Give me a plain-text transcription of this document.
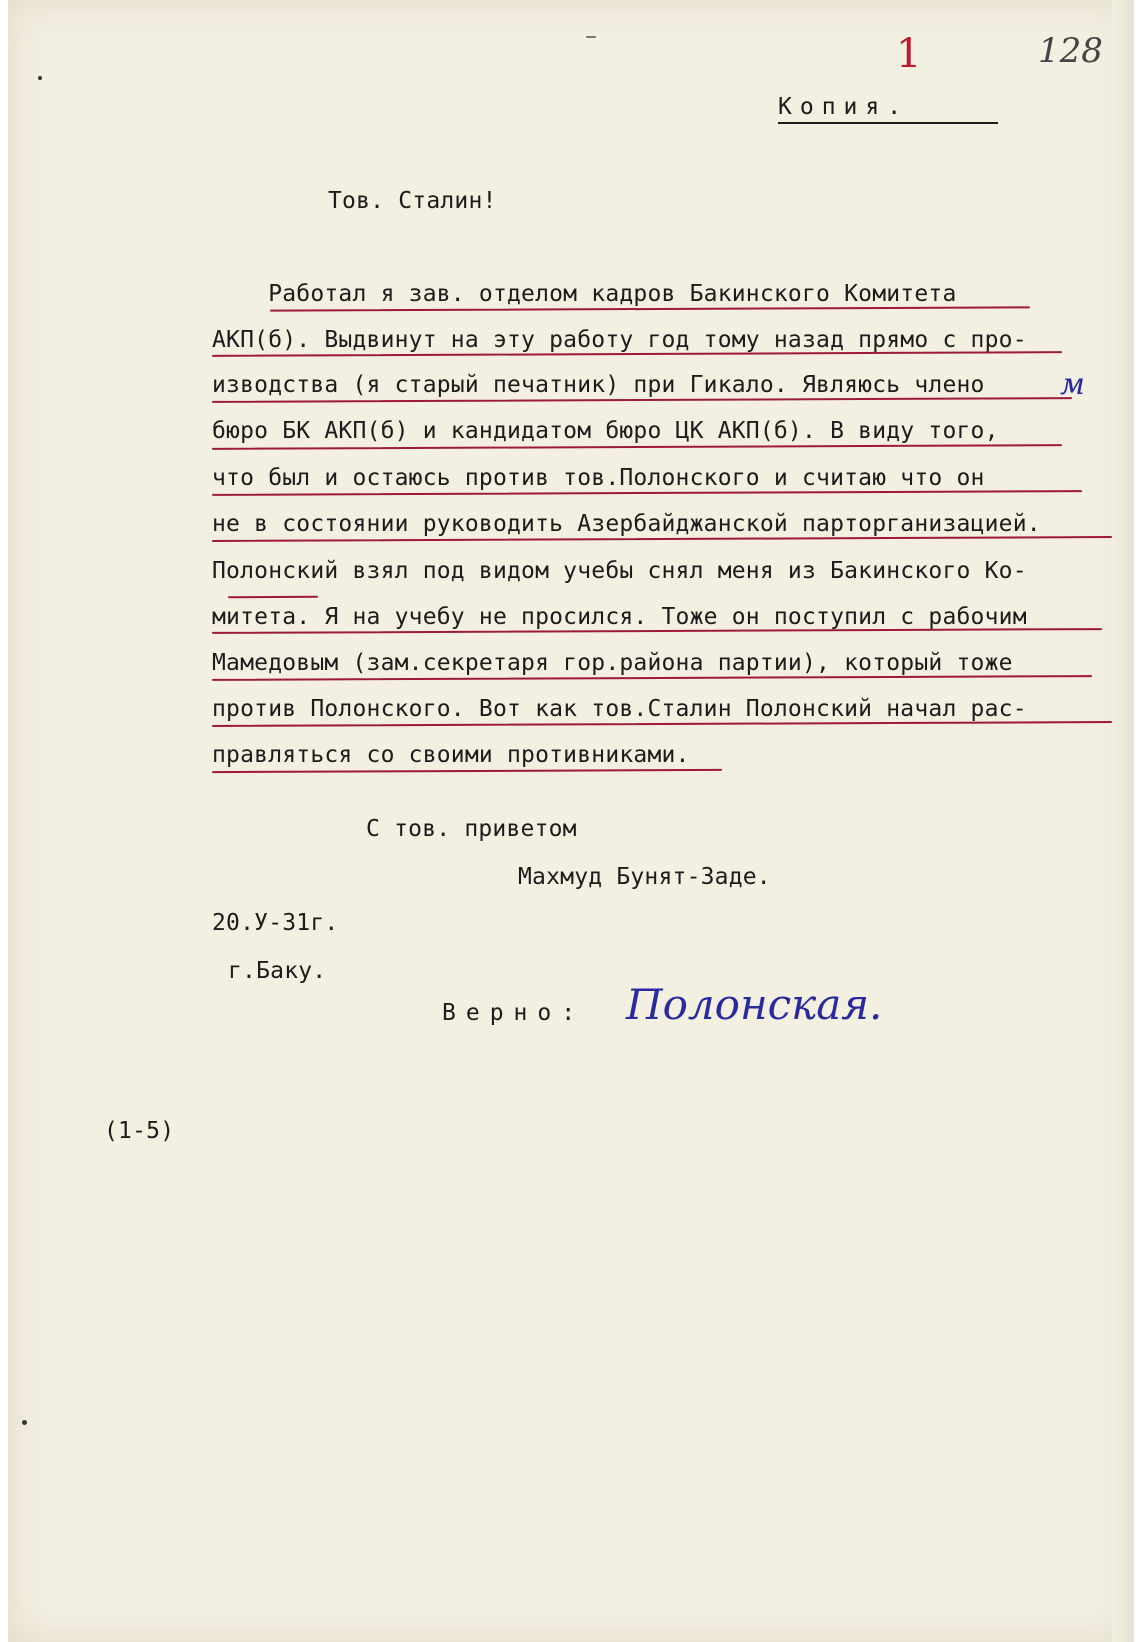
1	128
Копия.
Тов. Сталин!
Работал я зав. отделом кадров Бакинского Комитета
АКП(б). Выдвинут на эту работу год тому назад прямо с про-
изводства (я старый печатник) при Гикало. Являюсь члено	м
бюро БК АКП(б) и кандидатом бюро ЦК АКП(б). В виду того,
что был и остаюсь против тов.Полонского и считаю что он
не в состоянии руководить Азербайджанской парторганизацией.
Полонский взял под видом учебы снял меня из Бакинского Ко-
митета. Я на учебу не просился. Тоже он поступил с рабочим
Мамедовым (зам.секретаря гор.района партии), который тоже
против Полонского. Вот как тов.Сталин Полонский начал рас-
правляться со своими противниками.
С тов. приветом
Махмуд Бунят-Заде.
20.У-31г.
г.Баку.
Верно: Полонская.
(1-5)
